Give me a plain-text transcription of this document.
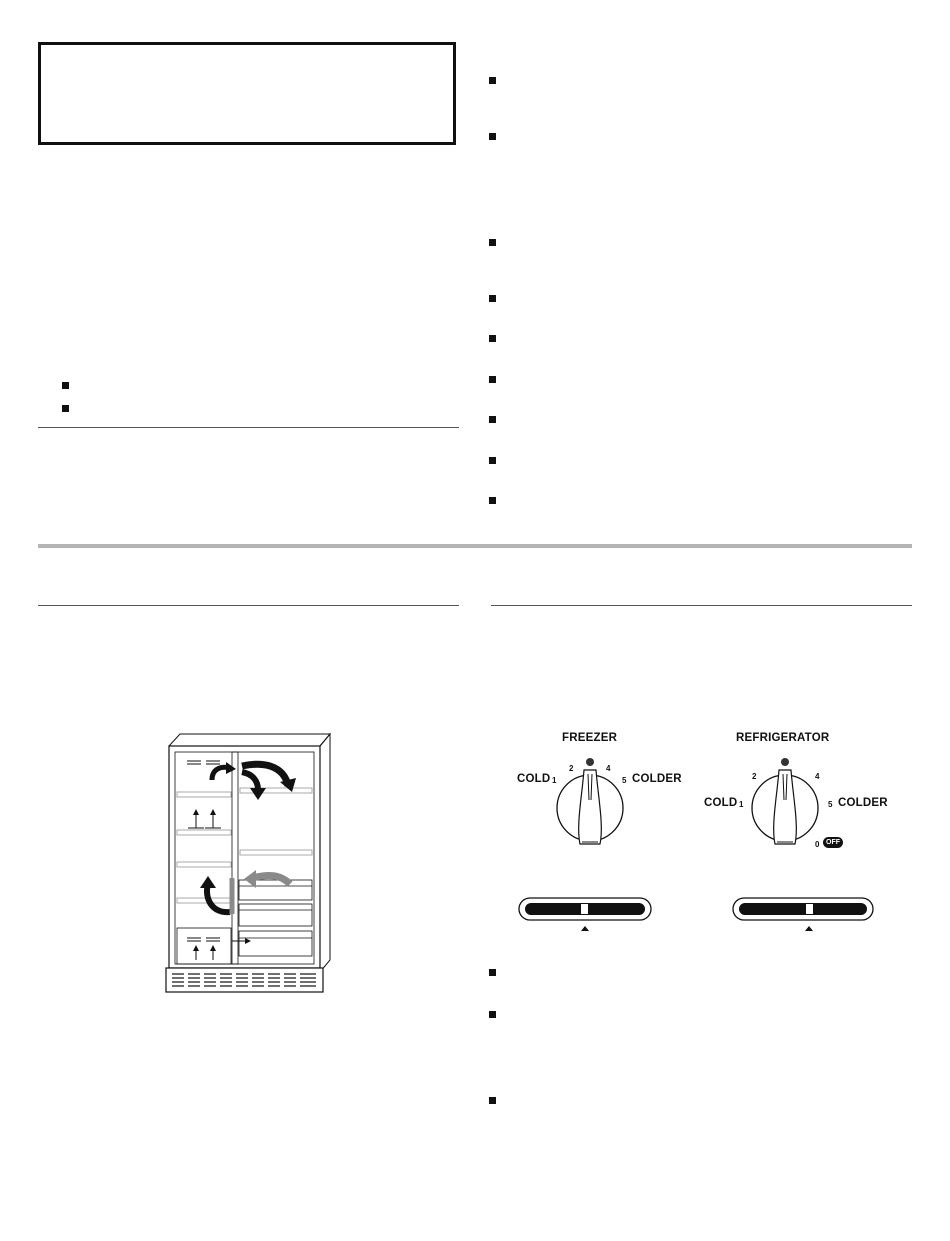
FREEZER
COLD	COLDER
1
2	4
5
REFRIGERATOR
COLD	COLDER
1
2	4
5
0 OFF
